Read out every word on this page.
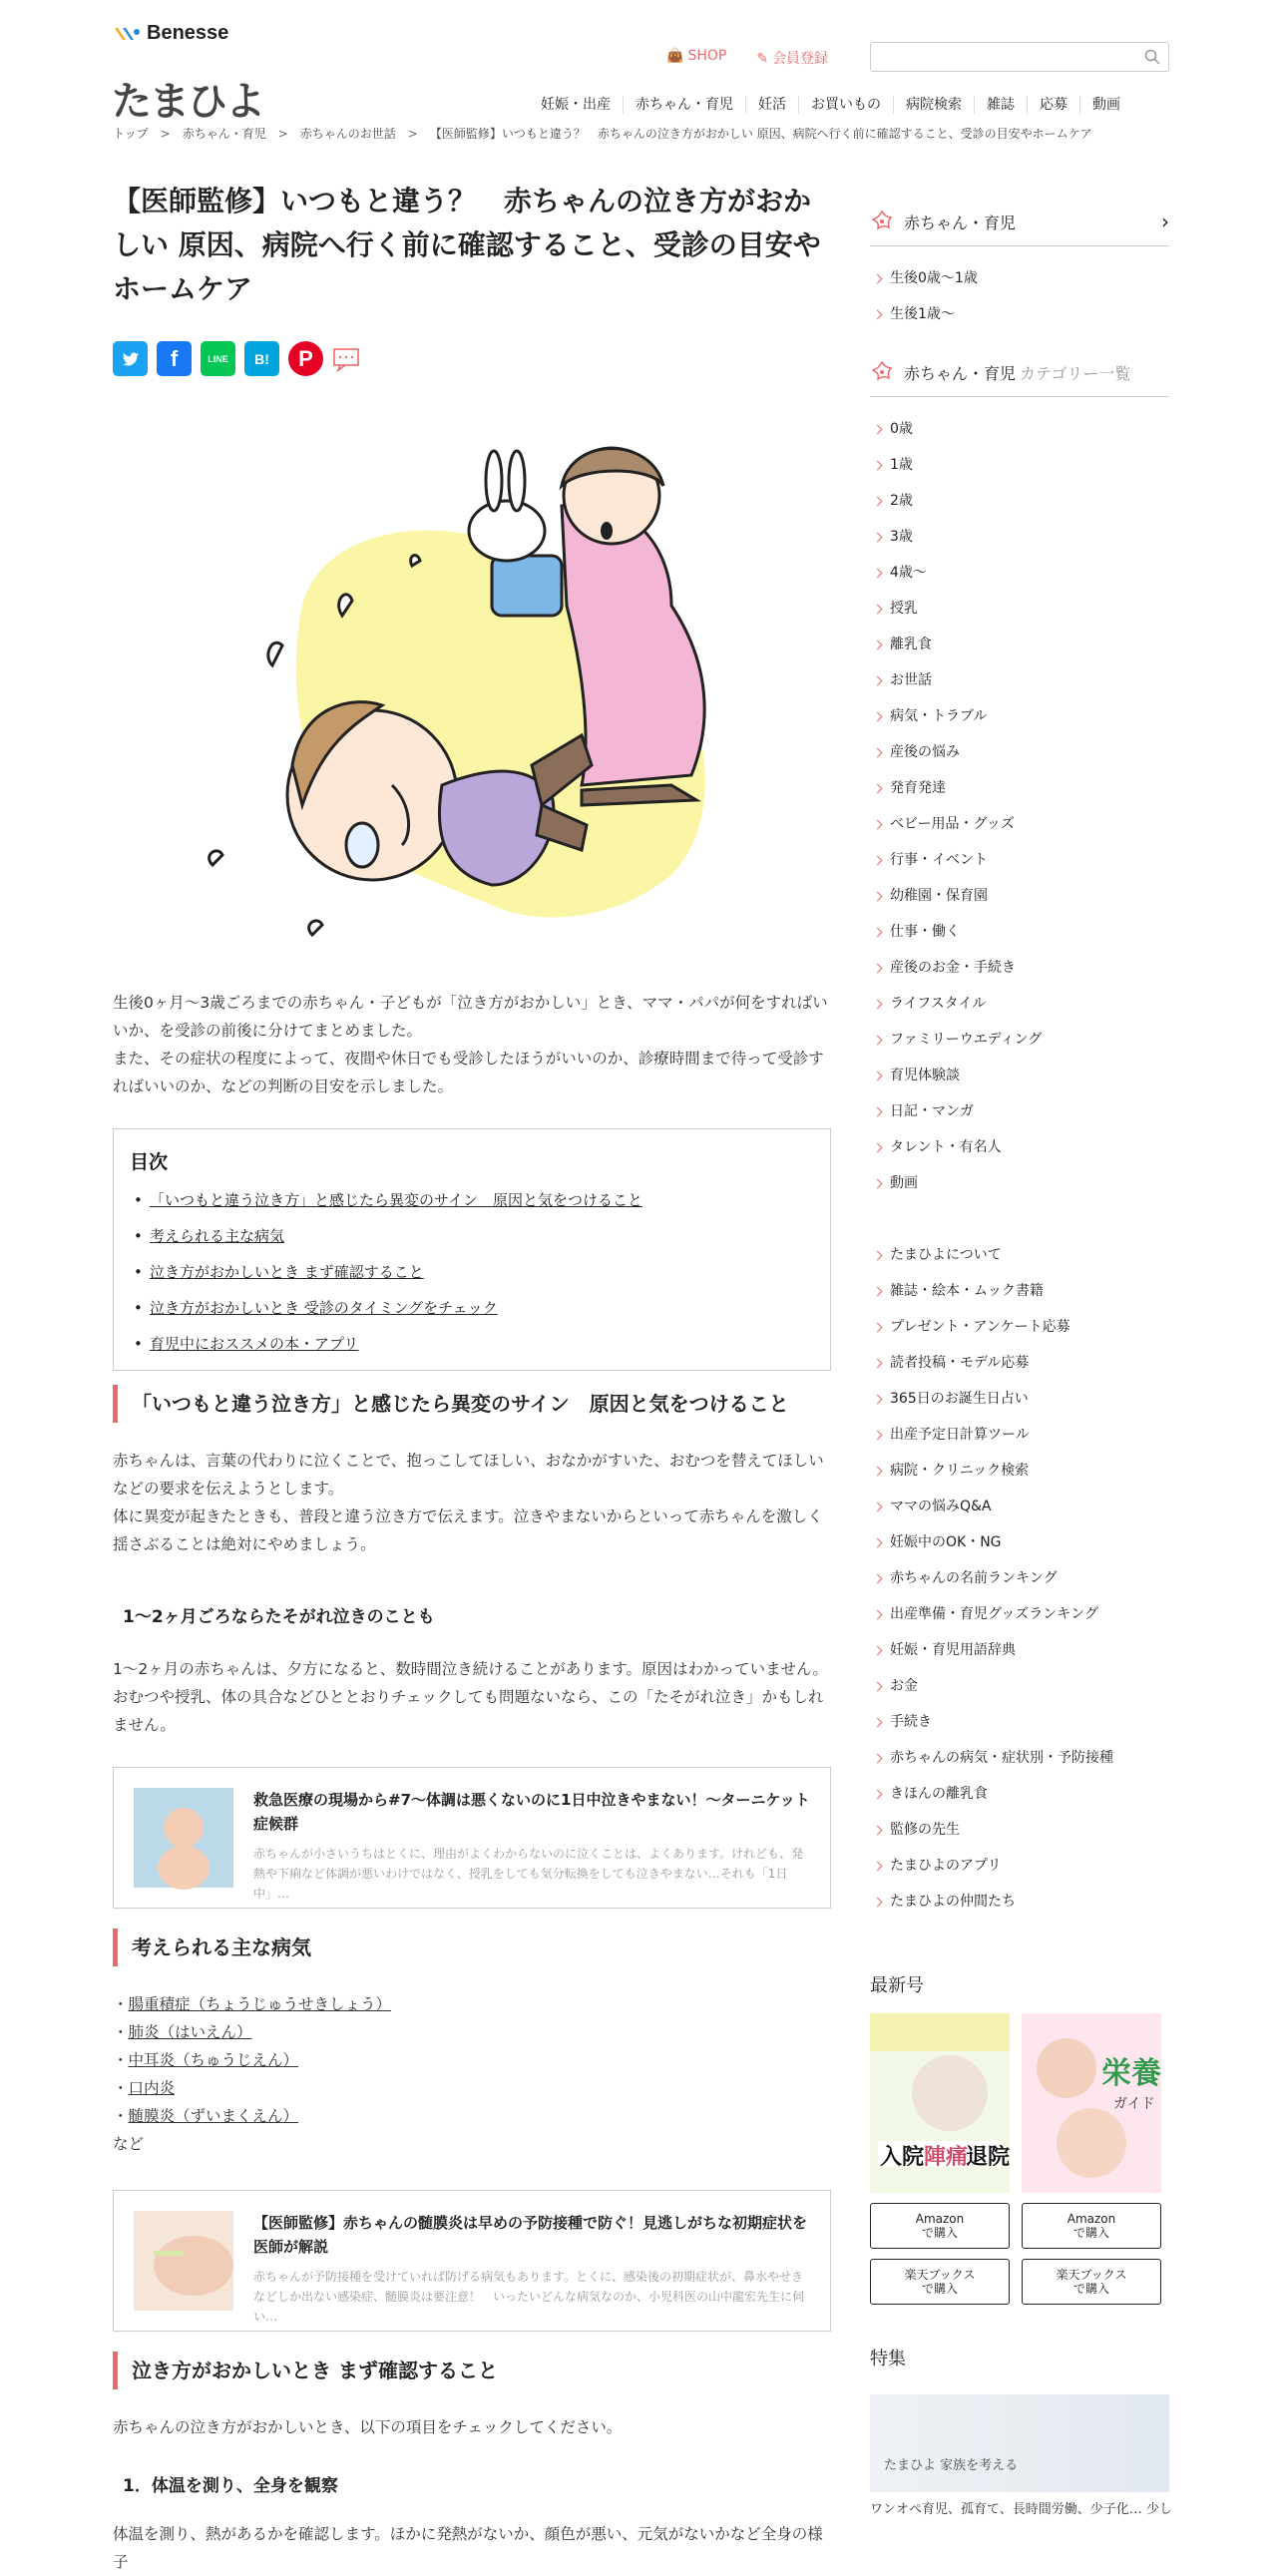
Benesse
たまひよ
👜 SHOP ✎ 会員登録
妊娠・出産	赤ちゃん・育児	妊活	お買いもの	病院検索	雑誌	応募	動画
トップ > 赤ちゃん・育児 > 赤ちゃんのお世話 > 【医師監修】いつもと違う？　赤ちゃんの泣き方がおかしい 原因、病院へ行く前に確認すること、受診の目安やホームケア
【医師監修】いつもと違う？　赤ちゃんの泣き方がおかしい 原因、病院へ行く前に確認すること、受診の目安やホームケア
f	LINE B! P

生後0ヶ月～3歳ごろまでの赤ちゃん・子どもが「泣き方がおかしい」とき、ママ・パパが何をすればいいか、を受診の前後に分けてまとめました。

また、その症状の程度によって、夜間や休日でも受診したほうがいいのか、診療時間まで待って受診すればいいのか、などの判断の目安を示しました。

目次
• 「いつもと違う泣き方」と感じたら異変のサイン　原因と気をつけること
• 考えられる主な病気
• 泣き方がおかしいとき まず確認すること
• 泣き方がおかしいとき 受診のタイミングをチェック
• 育児中におススメの本・アプリ
「いつもと違う泣き方」と感じたら異変のサイン　原因と気をつけること

赤ちゃんは、言葉の代わりに泣くことで、抱っこしてほしい、おなかがすいた、おむつを替えてほしいなどの要求を伝えようとします。

体に異変が起きたときも、普段と違う泣き方で伝えます。泣きやまないからといって赤ちゃんを激しく揺さぶることは絶対にやめましょう。

1～2ヶ月ごろならたそがれ泣きのことも

1～2ヶ月の赤ちゃんは、夕方になると、数時間泣き続けることがあります。原因はわかっていません。

おむつや授乳、体の具合などひととおりチェックしても問題ないなら、この「たそがれ泣き」かもしれません。

救急医療の現場から#7～体調は悪くないのに1日中泣きやまない！～ターニケット症候群
赤ちゃんが小さいうちはとくに、理由がよくわからないのに泣くことは、よくあります。けれども、発熱や下痢など体調が悪いわけではなく、授乳をしても気分転換をしても泣きやまない…それも「1日中」…
考えられる主な病気
・腸重積症（ちょうじゅうせきしょう）
・肺炎（はいえん）
・中耳炎（ちゅうじえん）
・口内炎
・髄膜炎（ずいまくえん）
など
【医師監修】赤ちゃんの髄膜炎は早めの予防接種で防ぐ！見逃しがちな初期症状を医師が解説
赤ちゃんが予防接種を受けていれば防げる病気もあります。とくに、感染後の初期症状が、鼻水やせきなどしか出ない感染症、髄膜炎は要注意！　いったいどんな病気なのか、小児科医の山中龍宏先生に伺い…
泣き方がおかしいとき まず確認すること

赤ちゃんの泣き方がおかしいとき、以下の項目をチェックしてください。

1．体温を測り、全身を観察

体温を測り、熱があるかを確認します。ほかに発熱がないか、顔色が悪い、元気がないかなど全身の様子

赤ちゃん・育児	›
生後0歳～1歳
生後1歳～
赤ちゃん・育児 カテゴリー一覧
0歳
1歳
2歳
3歳
4歳～
授乳
離乳食
お世話
病気・トラブル
産後の悩み
発育発達
ベビー用品・グッズ
行事・イベント
幼稚園・保育園
仕事・働く
産後のお金・手続き
ライフスタイル
ファミリーウエディング
育児体験談
日記・マンガ
タレント・有名人
動画
たまひよについて
雑誌・絵本・ムック書籍
プレゼント・アンケート応募
読者投稿・モデル応募
365日のお誕生日占い
出産予定日計算ツール
病院・クリニック検索
ママの悩みQ&A
妊娠中のOK・NG
赤ちゃんの名前ランキング
出産準備・育児グッズランキング
妊娠・育児用語辞典
お金
手続き
赤ちゃんの病気・症状別・予防接種
きほんの離乳食
監修の先生
たまひよのアプリ
たまひよの仲間たち
最新号
入院 陣痛
退院
栄養
ガイド
Amazon
で購入
Amazon
で購入
楽天ブックス
で購入
楽天ブックス
で購入
特集
たまひよ 家族を考える
ワンオペ育児、孤育て、長時間労働、少子化… 少し
